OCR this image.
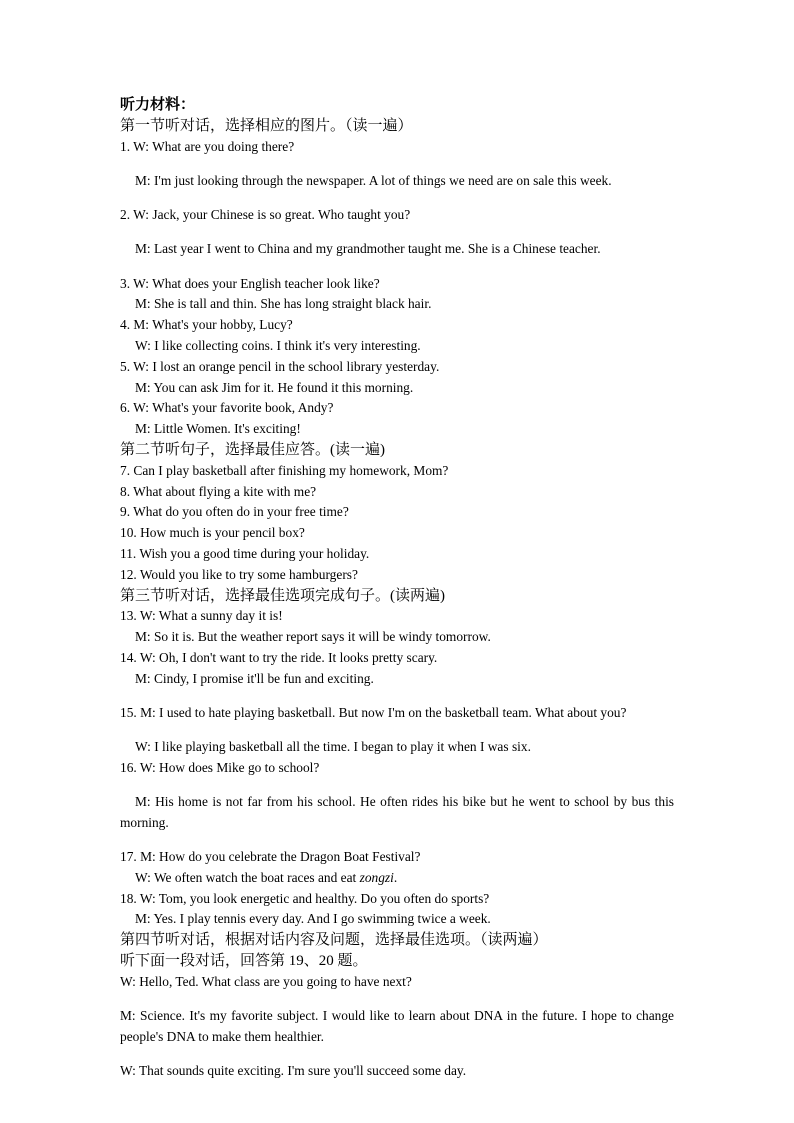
听力材料：

第一节听对话，选择相应的图片。（读一遍）

1. W: What are you doing there?

M: I'm just looking through the newspaper. A lot of things we need are on sale this week.

2. W: Jack, your Chinese is so great. Who taught you?

M: Last year I went to China and my grandmother taught me. She is a Chinese teacher.

3. W: What does your English teacher look like?

M: She is tall and thin. She has long straight black hair.

4. M: What's your hobby, Lucy?

W: I like collecting coins. I think it's very interesting.

5. W: I lost an orange pencil in the school library yesterday.

M: You can ask Jim for it. He found it this morning.

6. W: What's your favorite book, Andy?

M: Little Women. It's exciting!

第二节听句子，选择最佳应答。(读一遍)

7. Can I play basketball after finishing my homework, Mom?

8. What about flying a kite with me?

9. What do you often do in your free time?

10. How much is your pencil box?

11. Wish you a good time during your holiday.

12. Would you like to try some hamburgers?

第三节听对话，选择最佳选项完成句子。(读两遍)

13. W: What a sunny day it is!

M: So it is. But the weather report says it will be windy tomorrow.

14. W: Oh, I don't want to try the ride. It looks pretty scary.

M: Cindy, I promise it'll be fun and exciting.

15. M: I used to hate playing basketball. But now I'm on the basketball team. What about you?

W: I like playing basketball all the time. I began to play it when I was six.

16. W: How does Mike go to school?

M: His home is not far from his school. He often rides his bike but he went to school by bus this morning.

17. M: How do you celebrate the Dragon Boat Festival?

W: We often watch the boat races and eat zongzi.

18. W: Tom, you look energetic and healthy. Do you often do sports?

M: Yes. I play tennis every day. And I go swimming twice a week.

第四节听对话，根据对话内容及问题，选择最佳选项。（读两遍）

听下面一段对话，回答第 19、20 题。

W: Hello, Ted. What class are you going to have next?

M: Science. It's my favorite subject. I would like to learn about DNA in the future. I hope to change people's DNA to make them healthier.

W: That sounds quite exciting. I'm sure you'll succeed some day.
